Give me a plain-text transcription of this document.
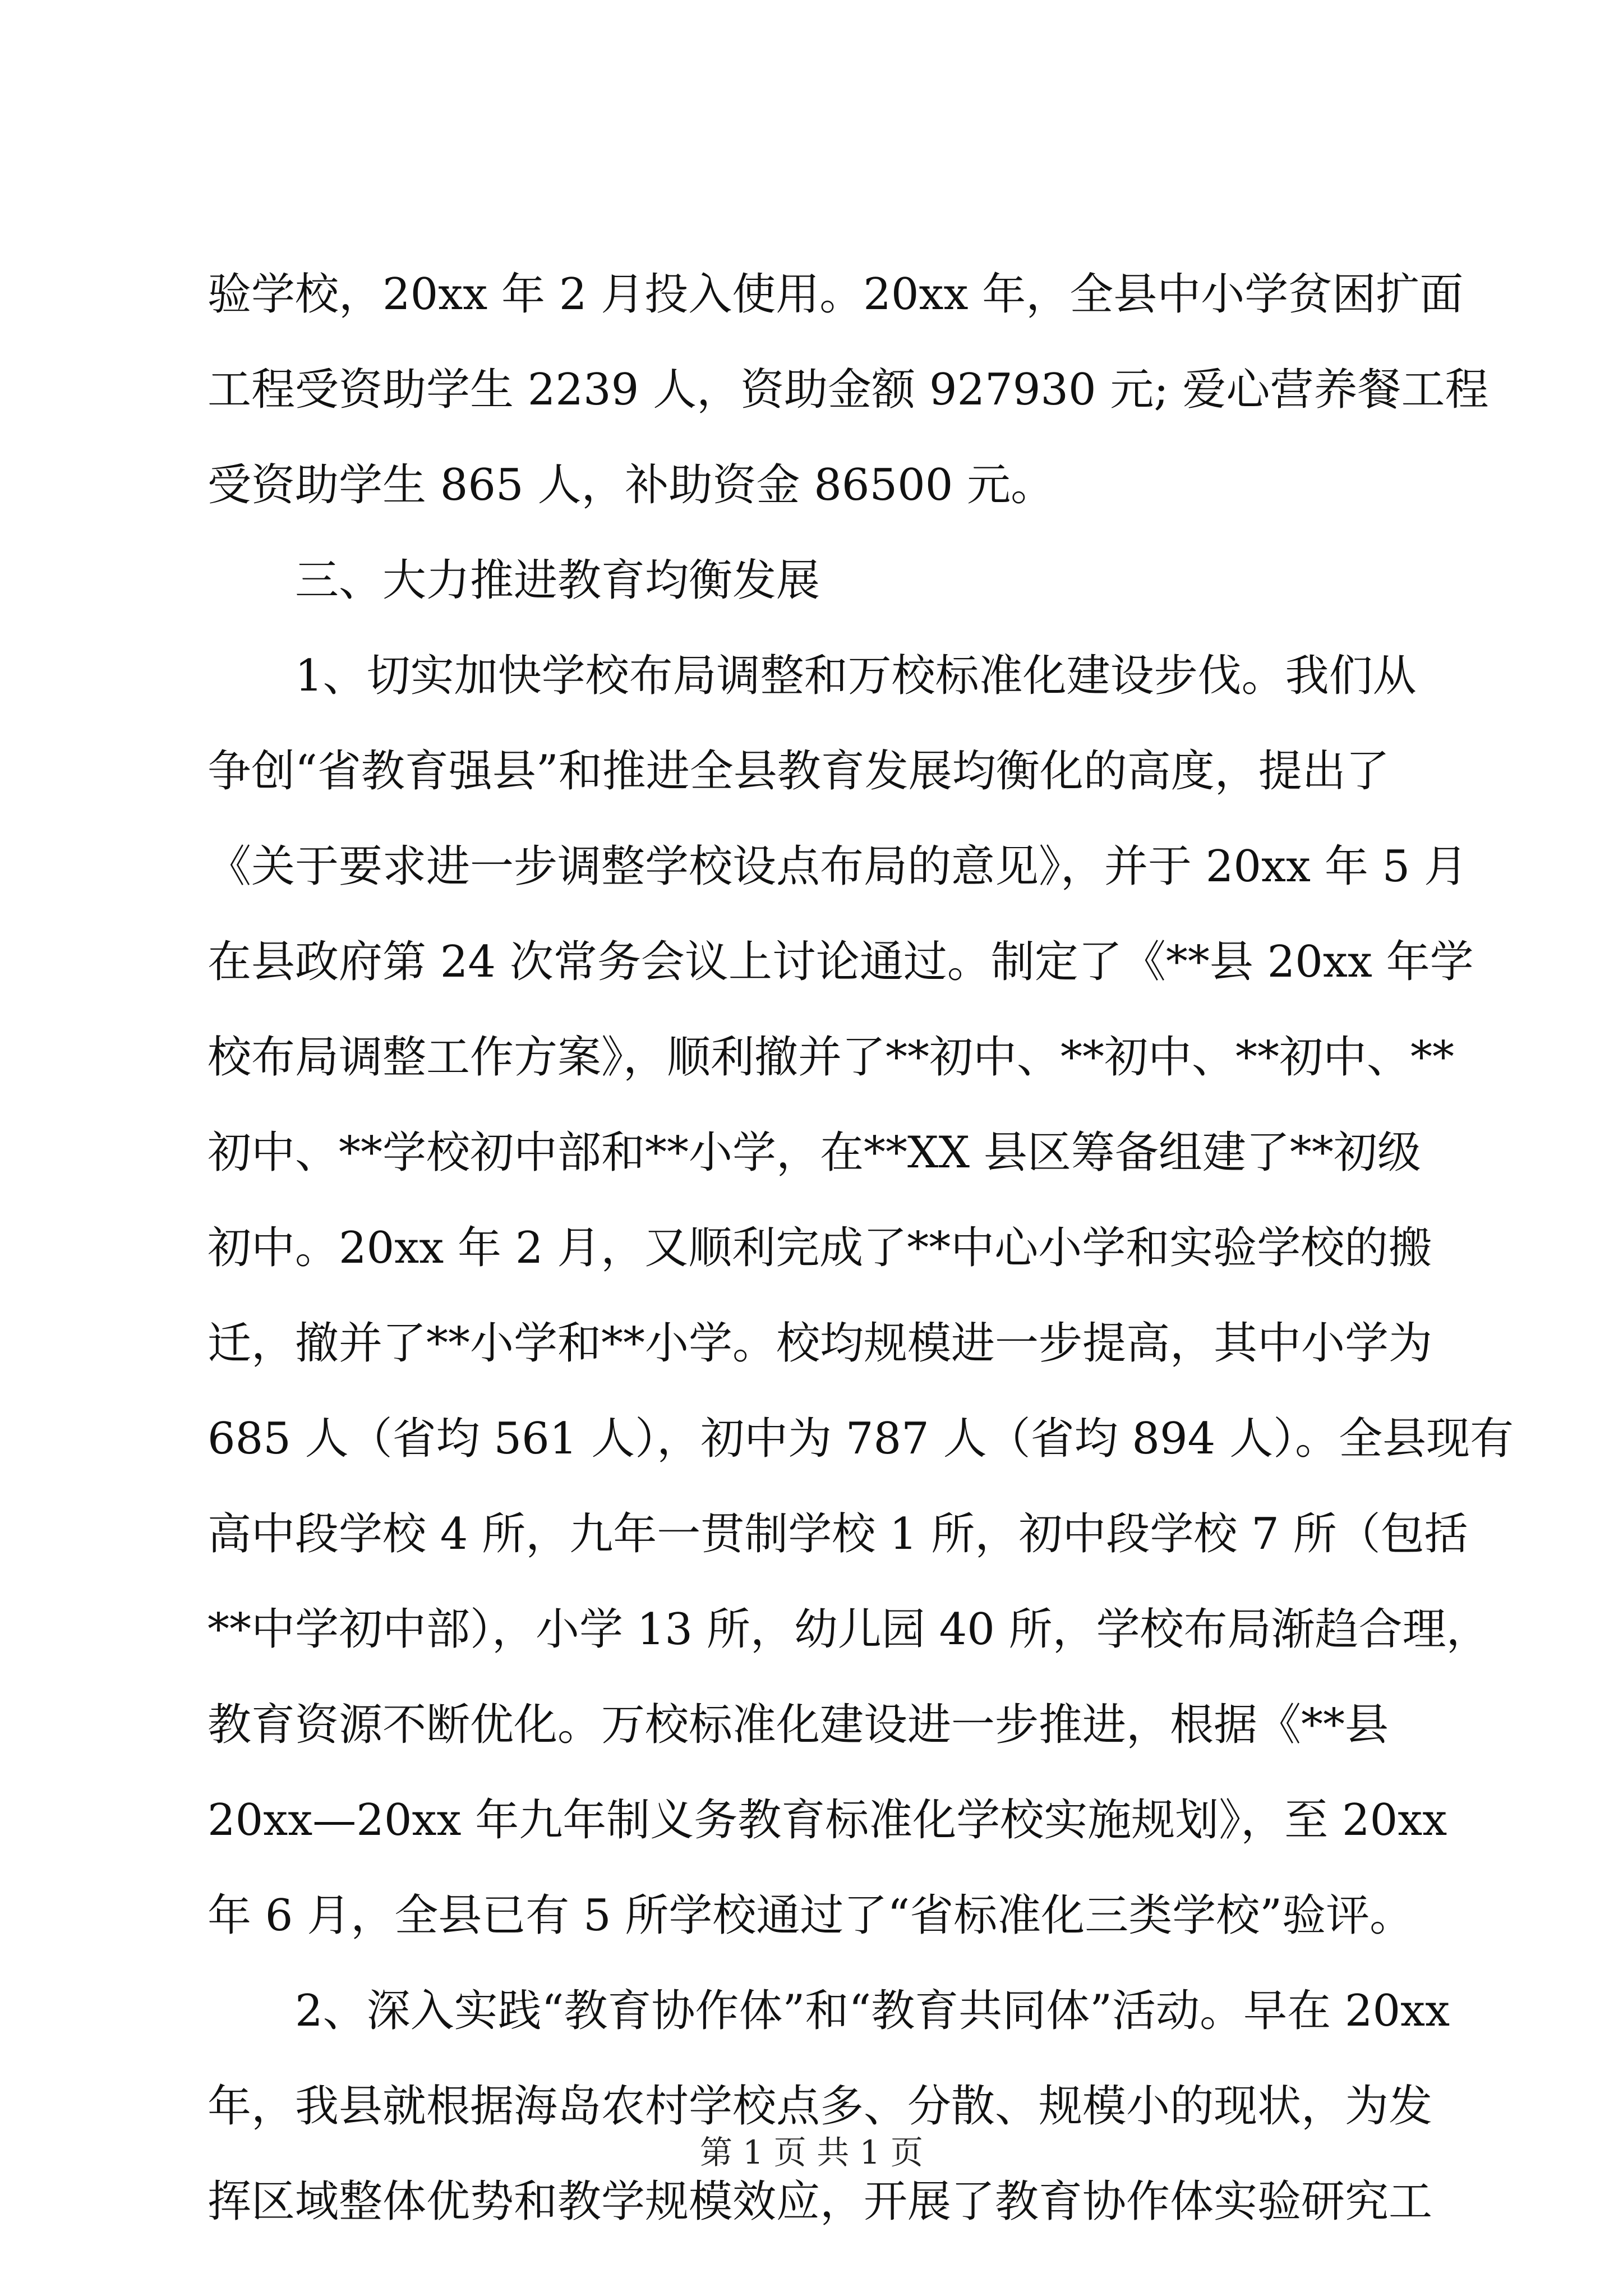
验学校，20xx 年 2 月投入使用。20xx 年，全县中小学贫困扩面
工程受资助学生 2239 人，资助金额 927930 元; 爱心营养餐工程
受资助学生 865 人，补助资金 86500 元。
三、大力推进教育均衡发展
1、切实加快学校布局调整和万校标准化建设步伐。我们从
争创“省教育强县”和推进全县教育发展均衡化的高度，提出了
《关于要求进一步调整学校设点布局的意见》，并于 20xx 年 5 月
在县政府第 24 次常务会议上讨论通过。制定了《**县 20xx 年学
校布局调整工作方案》，顺利撤并了**初中、**初中、**初中、**
初中、**学校初中部和**小学，在**XX 县区筹备组建了**初级
初中。20xx 年 2 月，又顺利完成了**中心小学和实验学校的搬
迁，撤并了**小学和**小学。校均规模进一步提高，其中小学为
685 人（省均 561 人），初中为 787 人（省均 894 人）。全县现有
高中段学校 4 所，九年一贯制学校 1 所，初中段学校 7 所（包括
**中学初中部），小学 13 所，幼儿园 40 所，学校布局渐趋合理，
教育资源不断优化。万校标准化建设进一步推进，根据《**县
20xx—20xx 年九年制义务教育标准化学校实施规划》，至 20xx
年 6 月，全县已有 5 所学校通过了“省标准化三类学校”验评。
2、深入实践“教育协作体”和“教育共同体”活动。早在 20xx
年，我县就根据海岛农村学校点多、分散、规模小的现状，为发
挥区域整体优势和教学规模效应，开展了教育协作体实验研究工
第 1 页 共 1 页
